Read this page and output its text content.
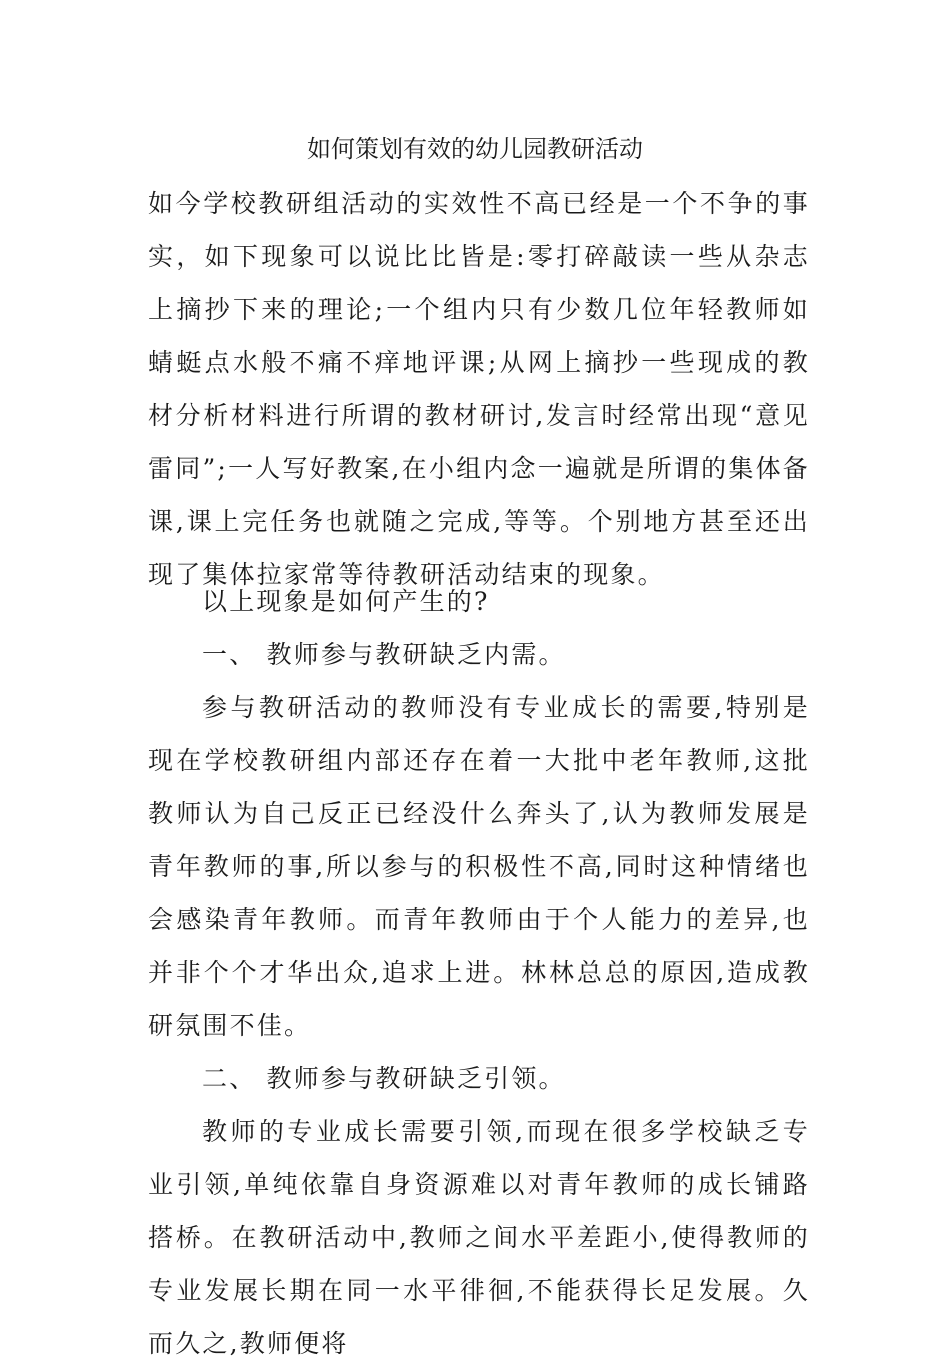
如何策划有效的幼儿园教研活动

如今学校教研组活动的实效性不高已经是一个不争的事实，如下现象可以说比比皆是:零打碎敲读一些从杂志上摘抄下来的理论;一个组内只有少数几位年轻教师如蜻蜓点水般不痛不痒地评课;从网上摘抄一些现成的教材分析材料进行所谓的教材研讨,发言时经常出现“意见雷同”;一人写好教案,在小组内念一遍就是所谓的集体备课,课上完任务也就随之完成,等等。个别地方甚至还出现了集体拉家常等待教研活动结束的现象。

以上现象是如何产生的?

一、 教师参与教研缺乏内需。

参与教研活动的教师没有专业成长的需要,特别是现在学校教研组内部还存在着一大批中老年教师,这批教师认为自己反正已经没什么奔头了,认为教师发展是青年教师的事,所以参与的积极性不高,同时这种情绪也会感染青年教师。而青年教师由于个人能力的差异,也并非个个才华出众,追求上进。林林总总的原因,造成教研氛围不佳。

二、 教师参与教研缺乏引领。

教师的专业成长需要引领,而现在很多学校缺乏专业引领,单纯依靠自身资源难以对青年教师的成长铺路搭桥。在教研活动中,教师之间水平差距小,使得教师的专业发展长期在同一水平徘徊,不能获得长足发展。久而久之,教师便将
